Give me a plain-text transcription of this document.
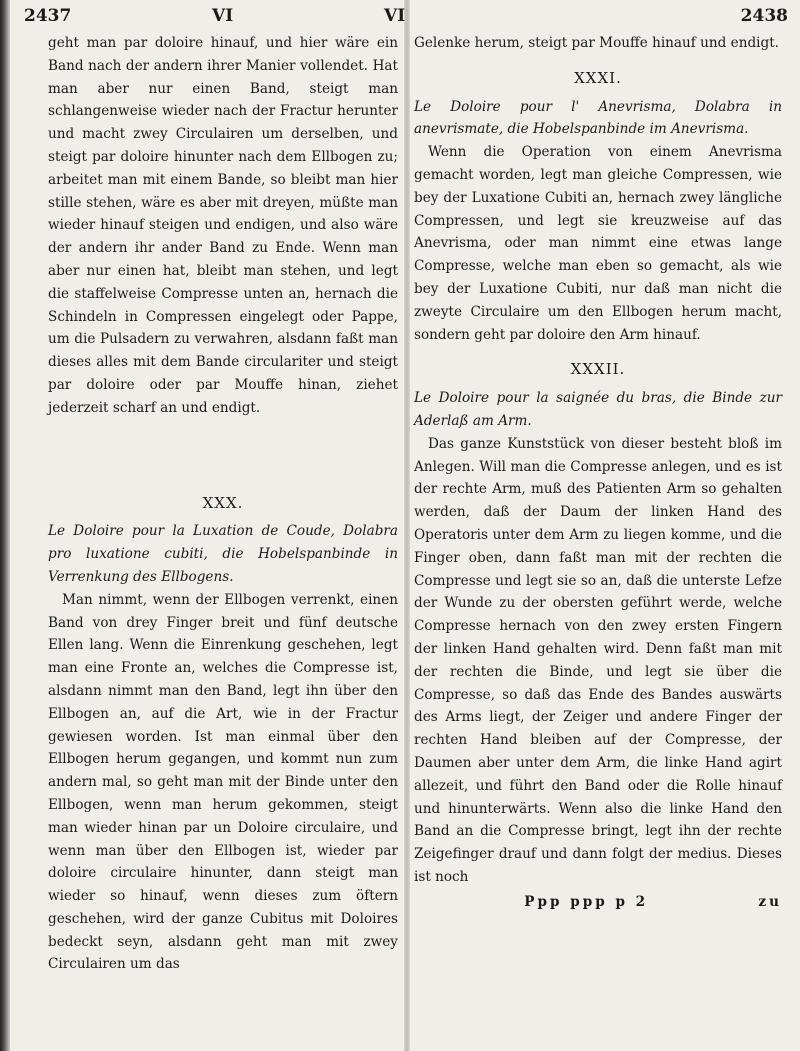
2437	VI

geht man par doloire hinauf, und hier wäre ein Band nach der andern ihrer Manier vollendet. Hat man aber nur einen Band, steigt man schlangenweise wieder nach der Fractur herunter und macht zwey Circulairen um derselben, und steigt par doloire hinunter nach dem Ellbogen zu; arbeitet man mit einem Bande, so bleibt man hier stille stehen, wäre es aber mit dreyen, müßte man wieder hinauf steigen und endigen, und also wäre der andern ihr ander Band zu Ende. Wenn man aber nur einen hat, bleibt man stehen, und legt die staffelweise Compresse unten an, hernach die Schindeln in Compressen eingelegt oder Pappe, um die Pulsadern zu verwahren, alsdann faßt man dieses alles mit dem Bande circulariter und steigt par doloire oder par Mouffe hinan, ziehet jederzeit scharf an und endigt.

XXX.

Le Doloire pour la Luxation de Coude, Dolabra pro luxatione cubiti, die Hobelspanbinde in Verrenkung des Ellbogens.

Man nimmt, wenn der Ellbogen verrenkt, einen Band von drey Finger breit und fünf deutsche Ellen lang. Wenn die Einrenkung geschehen, legt man eine Fronte an, welches die Compresse ist, alsdann nimmt man den Band, legt ihn über den Ellbogen an, auf die Art, wie in der Fractur gewiesen worden. Ist man einmal über den Ellbogen herum gegangen, und kommt nun zum andern mal, so geht man mit der Binde unter den Ellbogen, wenn man herum gekommen, steigt man wieder hinan par un Doloire circulaire, und wenn man über den Ellbogen ist, wieder par doloire circulaire hinunter, dann steigt man wieder so hinauf, wenn dieses zum öftern geschehen, wird der ganze Cubitus mit Doloires bedeckt seyn, alsdann geht man mit zwey Circulairen um das

VI	2438

Gelenke herum, steigt par Mouffe hinauf und endigt.

XXXI.

Le Doloire pour l' Anevrisma, Dolabra in anevrismate, die Hobelspanbinde im Anevrisma.

Wenn die Operation von einem Anevrisma gemacht worden, legt man gleiche Compressen, wie bey der Luxatione Cubiti an, hernach zwey längliche Compressen, und legt sie kreuzweise auf das Anevrisma, oder man nimmt eine etwas lange Compresse, welche man eben so gemacht, als wie bey der Luxatione Cubiti, nur daß man nicht die zweyte Circulaire um den Ellbogen herum macht, sondern geht par doloire den Arm hinauf.

XXXII.

Le Doloire pour la saignée du bras, die Binde zur Aderlaß am Arm.

Das ganze Kunststück von dieser besteht bloß im Anlegen. Will man die Compresse anlegen, und es ist der rechte Arm, muß des Patienten Arm so gehalten werden, daß der Daum der linken Hand des Operatoris unter dem Arm zu liegen komme, und die Finger oben, dann faßt man mit der rechten die Compresse und legt sie so an, daß die unterste Lefze der Wunde zu der obersten geführt werde, welche Compresse hernach von den zwey ersten Fingern der linken Hand gehalten wird. Denn faßt man mit der rechten die Binde, und legt sie über die Compresse, so daß das Ende des Bandes auswärts des Arms liegt, der Zeiger und andere Finger der rechten Hand bleiben auf der Compresse, der Daumen aber unter dem Arm, die linke Hand agirt allezeit, und führt den Band oder die Rolle hinauf und hinunterwärts. Wenn also die linke Hand den Band an die Compresse bringt, legt ihn der rechte Zeigefinger drauf und dann folgt der medius. Dieses ist noch

Ppp ppp p 2	zu
